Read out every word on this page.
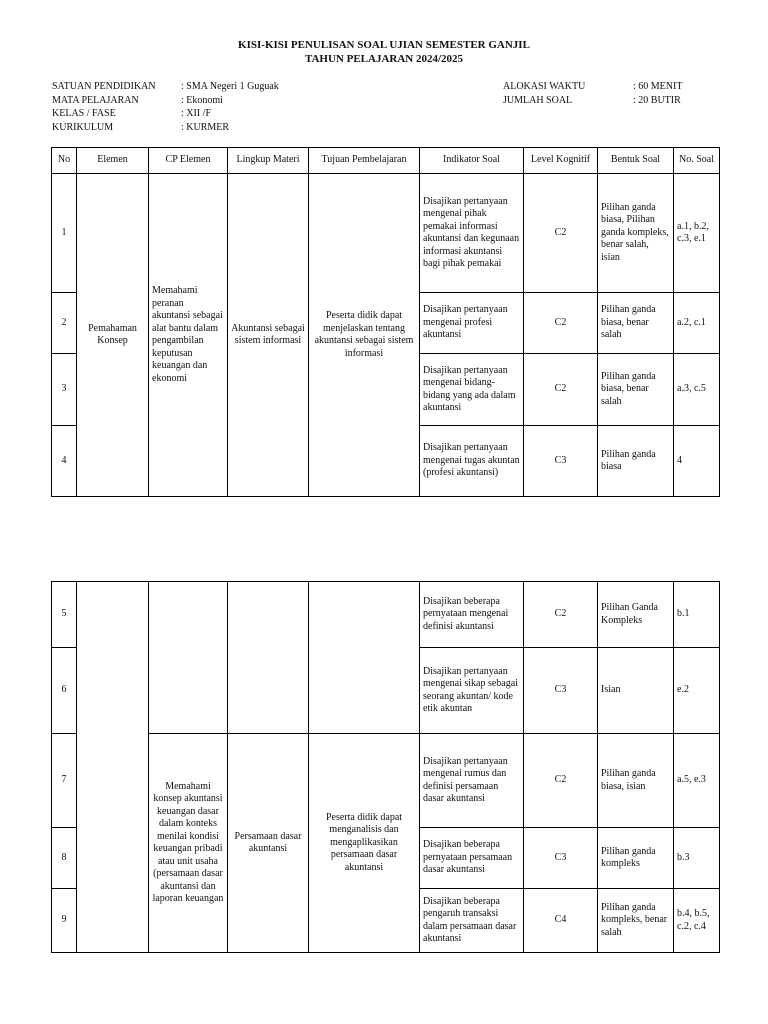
KISI-KISI PENULISAN SOAL UJIAN SEMESTER GANJIL
TAHUN PELAJARAN 2024/2025
SATUAN PENDIDIKAN	: SMA Negeri 1 Guguak
MATA PELAJARAN	: Ekonomi
KELAS / FASE	: XII /F
KURIKULUM	: KURMER
ALOKASI WAKTU	: 60 MENIT
JUMLAH SOAL	: 20 BUTIR
No	Elemen	CP Elemen	Lingkup Materi	Tujuan Pembelajaran	Indikator Soal	Level Kognitif	Bentuk Soal	No. Soal
1	Pemahaman Konsep	Memahami peranan akuntansi sebagai alat bantu dalam pengambilan keputusan keuangan dan ekonomi	Akuntansi sebagai sistem informasi	Peserta didik dapat menjelaskan tentang akuntansi sebagai sistem informasi	Disajikan pertanyaan mengenai pihak pemakai informasi akuntansi dan kegunaan informasi akuntansi bagi pihak pemakai	C2	Pilihan ganda biasa, Pilihan ganda kompleks, benar salah, isian	a.1, b.2, c.3, e.1
2					Disajikan pertanyaan mengenai profesi akuntansi	C2	Pilihan ganda biasa, benar salah	a.2, c.1
3					Disajikan pertanyaan mengenai bidang-bidang yang ada dalam akuntansi	C2	Pilihan ganda biasa, benar salah	a.3, c.5
4					Disajikan pertanyaan mengenai tugas akuntan (profesi akuntansi)	C3	Pilihan ganda biasa	4
5					Disajikan beberapa pernyataan mengenai definisi akuntansi	C2	Pilihan Ganda Kompleks	b.1
6					Disajikan pertanyaan mengenai sikap sebagai seorang akuntan/ kode etik akuntan	C3	Isian	e.2
7		Memahami konsep akuntansi keuangan dasar dalam konteks menilai kondisi keuangan pribadi atau unit usaha (persamaan dasar akuntansi dan laporan keuangan	Persamaan dasar akuntansi	Peserta didik dapat menganalisis dan mengaplikasikan persamaan dasar akuntansi	Disajikan pertanyaan mengenai rumus dan definisi persamaan dasar akuntansi	C2	Pilihan ganda biasa, isian	a.5, e.3
8					Disajikan beberapa pernyataan persamaan dasar akuntansi	C3	Pilihan ganda kompleks	b.3
9					Disajikan beberapa pengaruh transaksi dalam persamaan dasar akuntansi	C4	Pilihan ganda kompleks, benar salah	b.4, b.5, c.2, c.4
